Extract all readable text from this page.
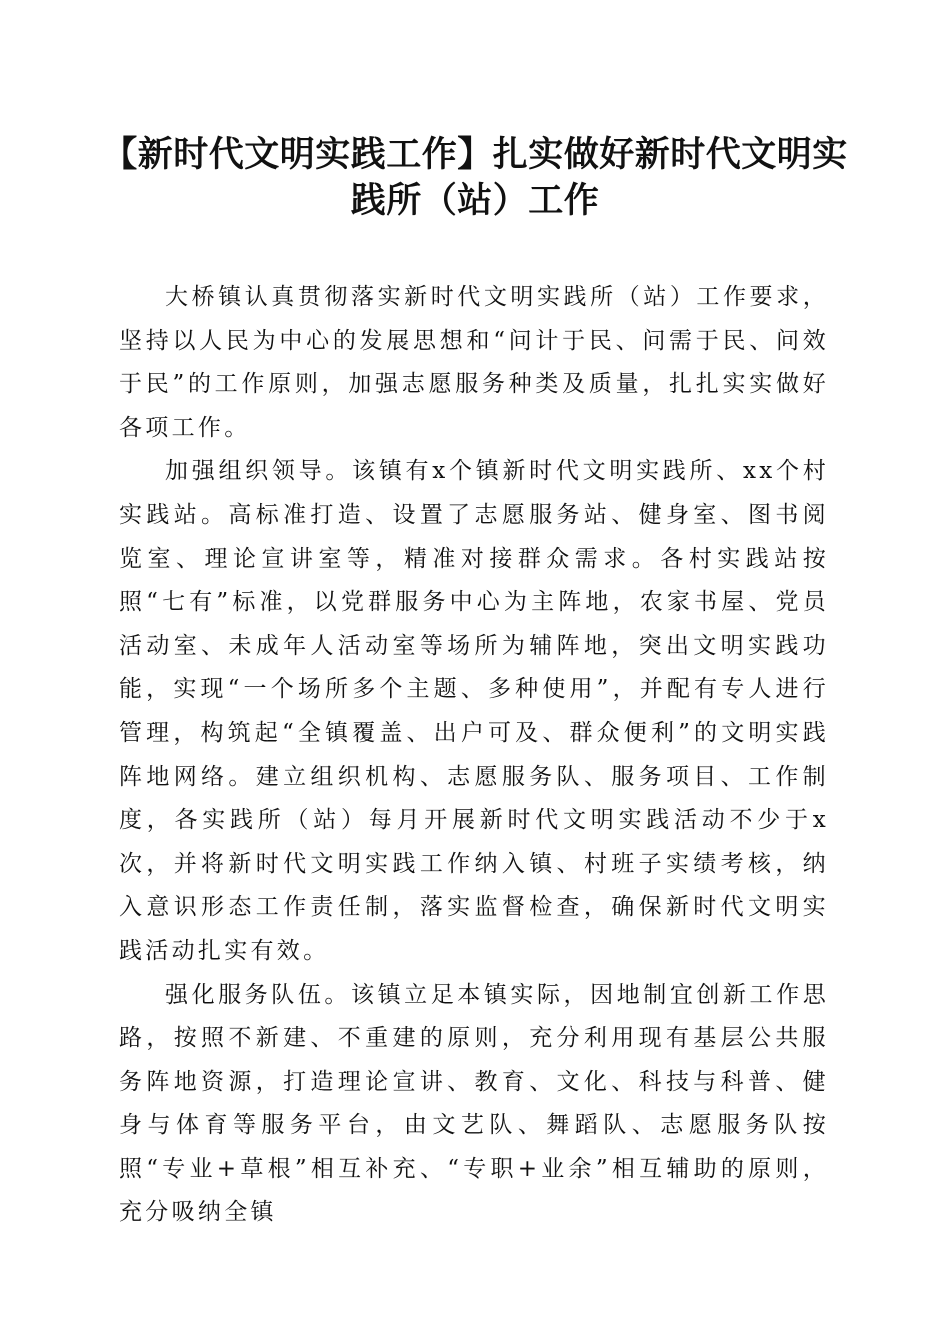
【新时代文明实践工作】扎实做好新时代文明实践所（站）工作

大桥镇认真贯彻落实新时代文明实践所（站）工作要求，坚持以人民为中心的发展思想和“问计于民、问需于民、问效于民”的工作原则，加强志愿服务种类及质量，扎扎实实做好各项工作。

加强组织领导。该镇有x个镇新时代文明实践所、xx个村实践站。高标准打造、设置了志愿服务站、健身室、图书阅览室、理论宣讲室等，精准对接群众需求。各村实践站按照“七有”标准，以党群服务中心为主阵地，农家书屋、党员活动室、未成年人活动室等场所为辅阵地，突出文明实践功能，实现“一个场所多个主题、多种使用”，并配有专人进行管理，构筑起“全镇覆盖、出户可及、群众便利”的文明实践阵地网络。建立组织机构、志愿服务队、服务项目、工作制度，各实践所（站）每月开展新时代文明实践活动不少于x次，并将新时代文明实践工作纳入镇、村班子实绩考核，纳入意识形态工作责任制，落实监督检查，确保新时代文明实践活动扎实有效。

强化服务队伍。该镇立足本镇实际，因地制宜创新工作思路，按照不新建、不重建的原则，充分利用现有基层公共服务阵地资源，打造理论宣讲、教育、文化、科技与科普、健身与体育等服务平台，由文艺队、舞蹈队、志愿服务队按照“专业+草根”相互补充、“专职+业余”相互辅助的原则，充分吸纳全镇
